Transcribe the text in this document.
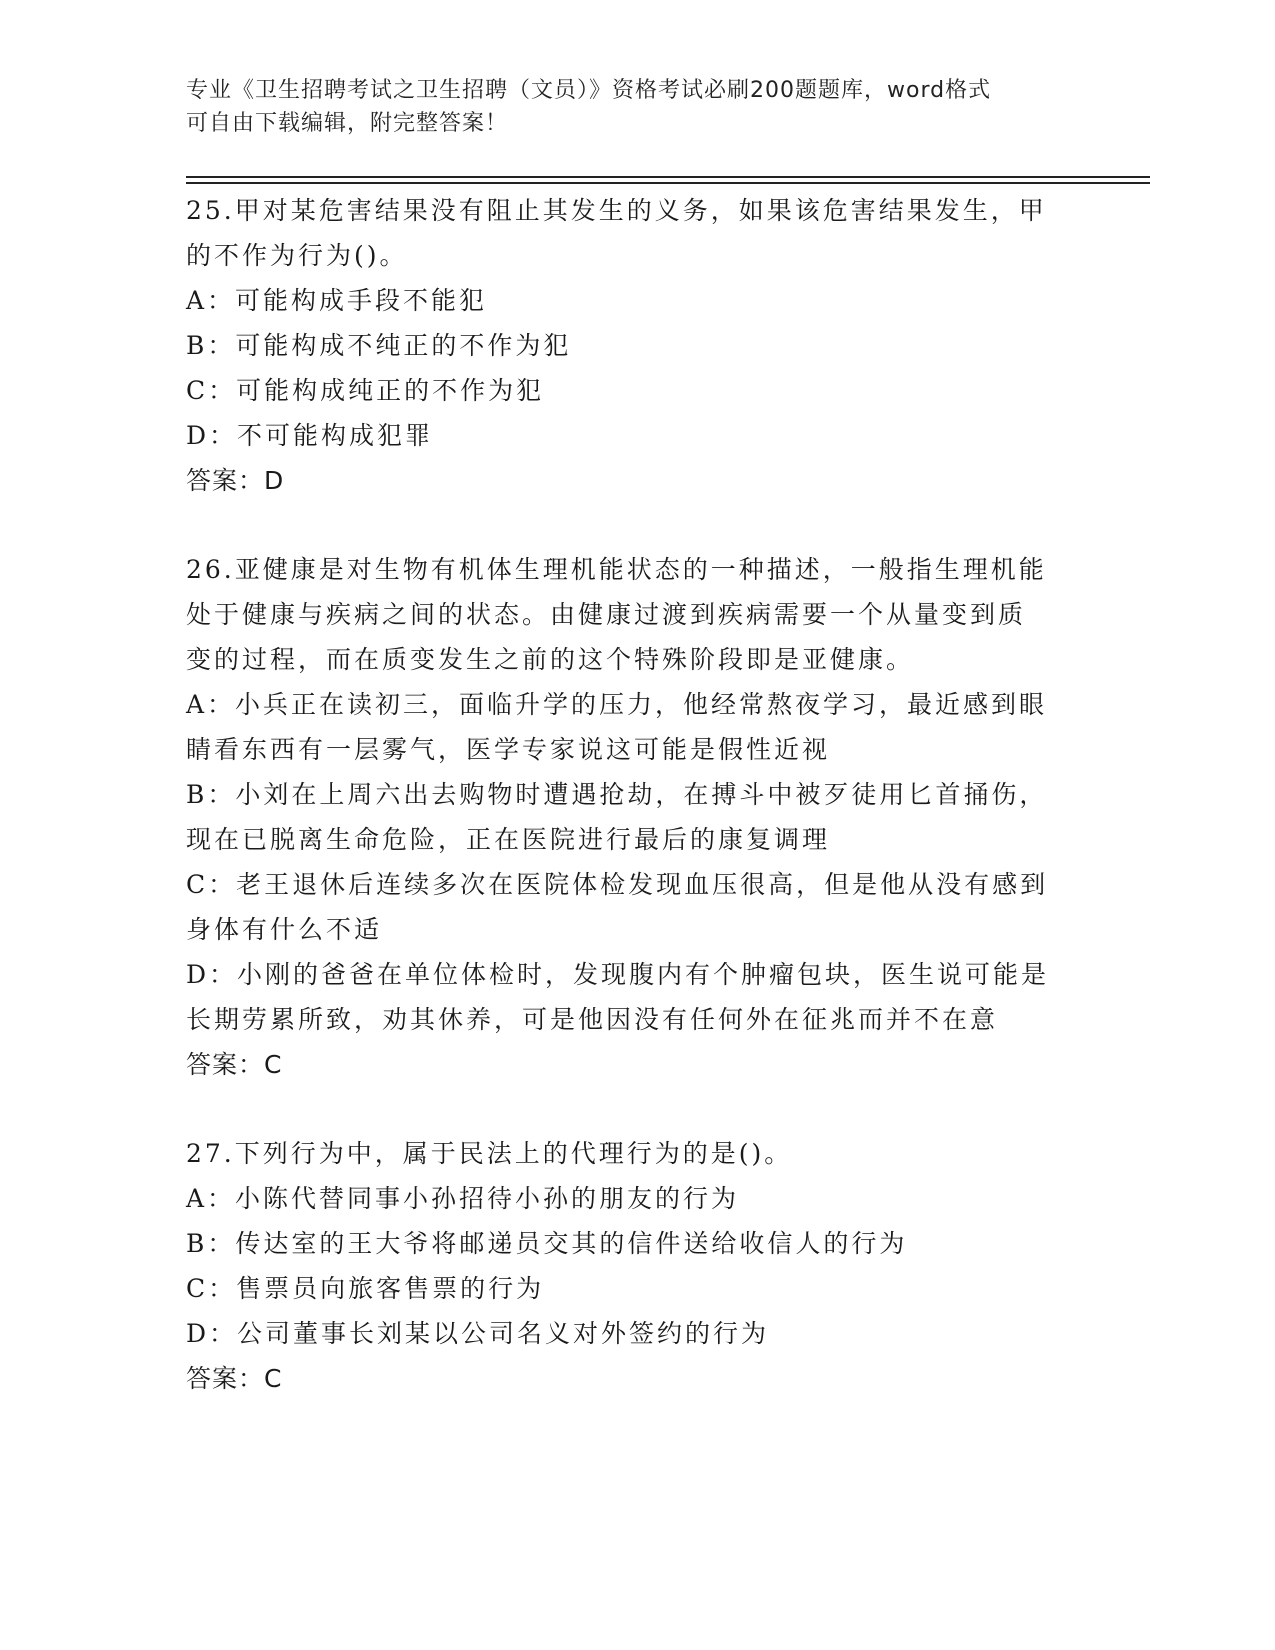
专业《卫生招聘考试之卫生招聘（文员）》资格考试必刷200题题库，word格式

可自由下载编辑，附完整答案！

25.甲对某危害结果没有阻止其发生的义务，如果该危害结果发生，甲

的不作为行为()。

A：可能构成手段不能犯

B：可能构成不纯正的不作为犯

C：可能构成纯正的不作为犯

D：不可能构成犯罪

答案：D

26.亚健康是对生物有机体生理机能状态的一种描述，一般指生理机能

处于健康与疾病之间的状态。由健康过渡到疾病需要一个从量变到质

变的过程，而在质变发生之前的这个特殊阶段即是亚健康。

A：小兵正在读初三，面临升学的压力，他经常熬夜学习，最近感到眼

睛看东西有一层雾气，医学专家说这可能是假性近视

B：小刘在上周六出去购物时遭遇抢劫，在搏斗中被歹徒用匕首捅伤，

现在已脱离生命危险，正在医院进行最后的康复调理

C：老王退休后连续多次在医院体检发现血压很高，但是他从没有感到

身体有什么不适

D：小刚的爸爸在单位体检时，发现腹内有个肿瘤包块，医生说可能是

长期劳累所致，劝其休养，可是他因没有任何外在征兆而并不在意

答案：C

27.下列行为中，属于民法上的代理行为的是()。

A：小陈代替同事小孙招待小孙的朋友的行为

B：传达室的王大爷将邮递员交其的信件送给收信人的行为

C：售票员向旅客售票的行为

D：公司董事长刘某以公司名义对外签约的行为

答案：C
